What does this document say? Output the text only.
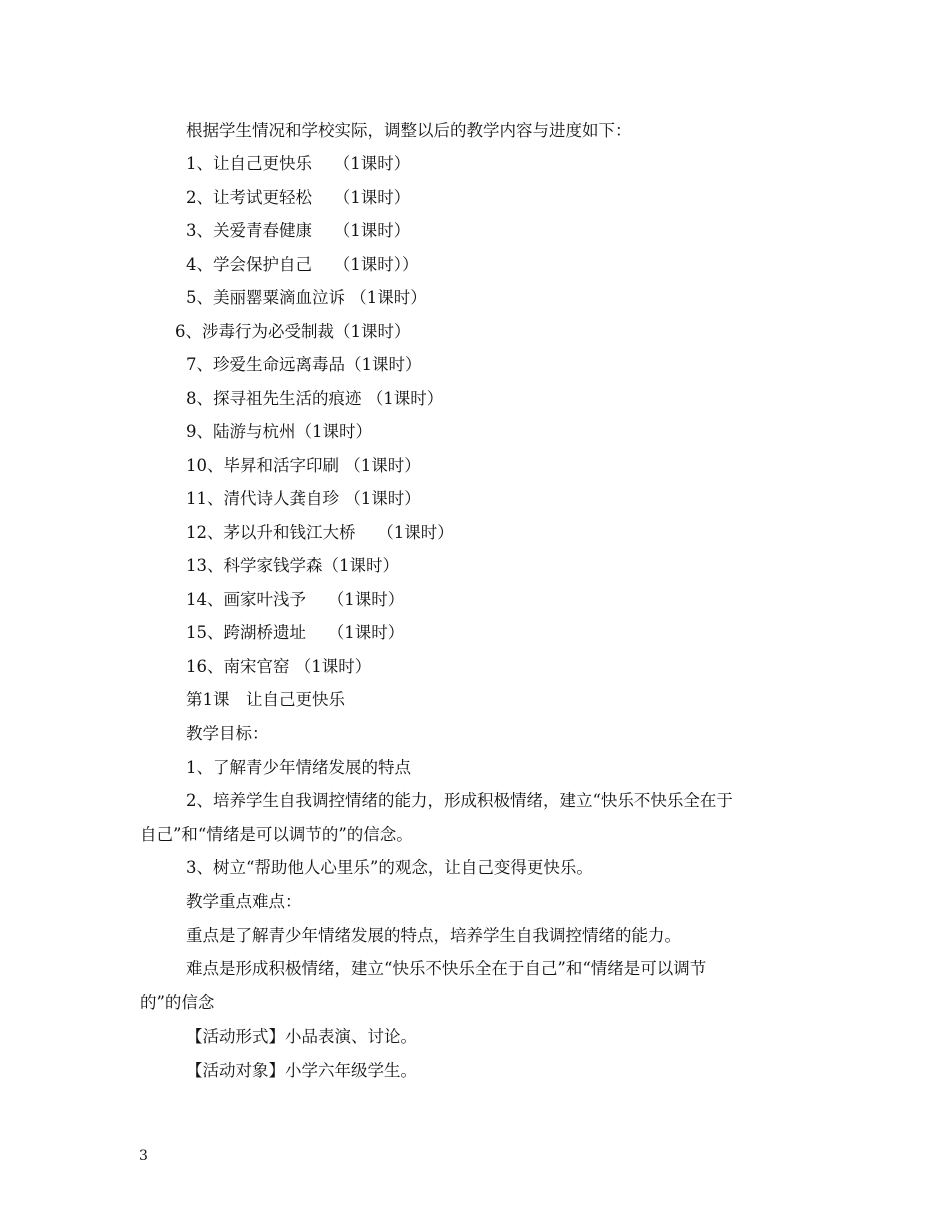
根据学生情况和学校实际，调整以后的教学内容与进度如下：
1、让自己更快乐　 （1课时）
2、让考试更轻松　 （1课时）
3、关爱青春健康　 （1课时）
4、学会保护自己　 （1课时））
5、美丽罂粟滴血泣诉 （1课时）
6、涉毒行为必受制裁（1课时）
7、珍爱生命远离毒品（1课时）
8、探寻祖先生活的痕迹 （1课时）
9、陆游与杭州（1课时）
10、毕昇和活字印刷 （1课时）
11、清代诗人龚自珍 （1课时）
12、茅以升和钱江大桥　 （1课时）
13、科学家钱学森（1课时）
14、画家叶浅予　 （1课时）
15、跨湖桥遗址　 （1课时）
16、南宋官窑 （1课时）
第1课　让自己更快乐
教学目标：
1、了解青少年情绪发展的特点
2、培养学生自我调控情绪的能力，形成积极情绪，建立“快乐不快乐全在于
自己”和“情绪是可以调节的”的信念。
3、树立“帮助他人心里乐”的观念，让自己变得更快乐。
教学重点难点：
重点是了解青少年情绪发展的特点，培养学生自我调控情绪的能力。
难点是形成积极情绪，建立“快乐不快乐全在于自己”和“情绪是可以调节
的”的信念
【活动形式】小品表演、讨论。
【活动对象】小学六年级学生。
3
